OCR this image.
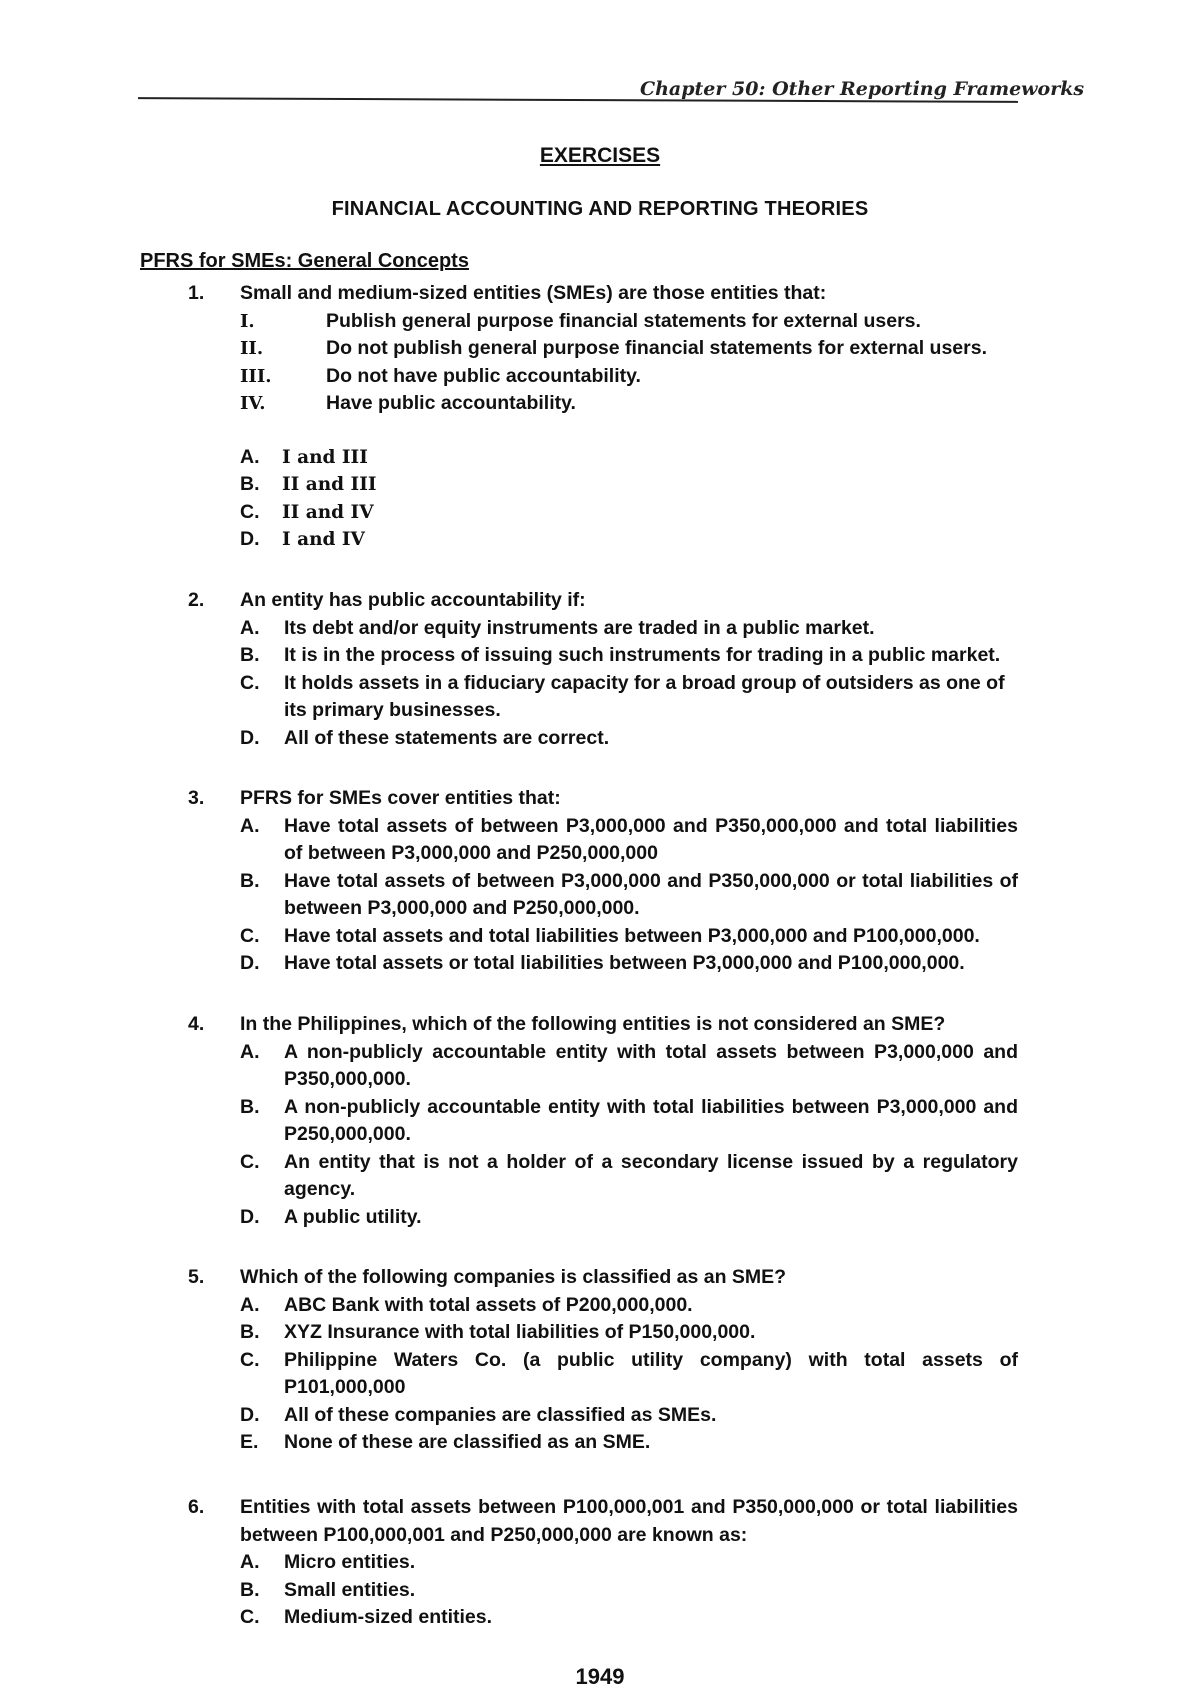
Chapter 50: Other Reporting Frameworks
EXERCISES
FINANCIAL ACCOUNTING AND REPORTING THEORIES
PFRS for SMEs: General Concepts
1. Small and medium-sized entities (SMEs) are those entities that:
I.	Publish general purpose financial statements for external users.
II.	Do not publish general purpose financial statements for external users.
III.	Do not have public accountability.
IV.	Have public accountability.
A.	I and III
B.	II and III
C.	II and IV
D.	I and IV
2. An entity has public accountability if:
A.	Its debt and/or equity instruments are traded in a public market.
B.	It is in the process of issuing such instruments for trading in a public market.
C.	It holds assets in a fiduciary capacity for a broad group of outsiders as one of its primary businesses.
D.	All of these statements are correct.
3. PFRS for SMEs cover entities that:
A.	Have total assets of between P3,000,000 and P350,000,000 and total liabilities of between P3,000,000 and P250,000,000
B.	Have total assets of between P3,000,000 and P350,000,000 or total liabilities of between P3,000,000 and P250,000,000.
C.	Have total assets and total liabilities between P3,000,000 and P100,000,000.
D.	Have total assets or total liabilities between P3,000,000 and P100,000,000.
4. In the Philippines, which of the following entities is not considered an SME?
A.	A non-publicly accountable entity with total assets between P3,000,000 and P350,000,000.
B.	A non-publicly accountable entity with total liabilities between P3,000,000 and P250,000,000.
C.	An entity that is not a holder of a secondary license issued by a regulatory agency.
D.	A public utility.
5. Which of the following companies is classified as an SME?
A.	ABC Bank with total assets of P200,000,000.
B.	XYZ Insurance with total liabilities of P150,000,000.
C.	Philippine Waters Co. (a public utility company) with total assets of P101,000,000
D.	All of these companies are classified as SMEs.
E.	None of these are classified as an SME.
6. Entities with total assets between P100,000,001 and P350,000,000 or total liabilities between P100,000,001 and P250,000,000 are known as:
A.	Micro entities.
B.	Small entities.
C.	Medium-sized entities.
1949
